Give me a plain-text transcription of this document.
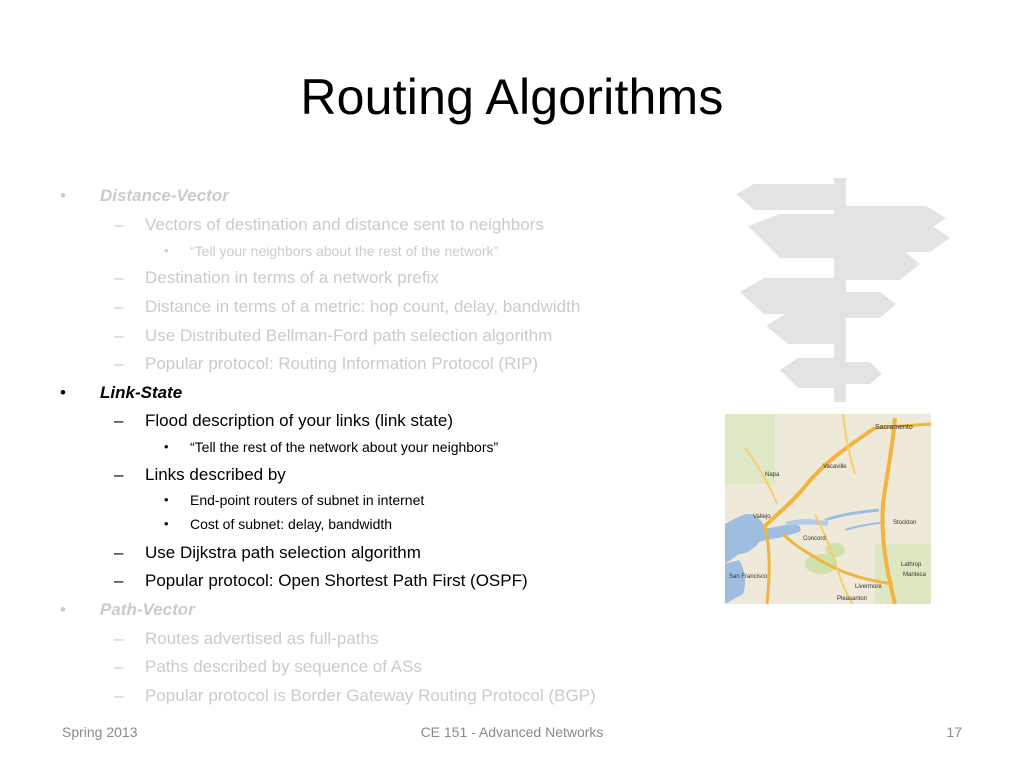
Routing Algorithms
• Distance-Vector
– Vectors of destination and distance sent to neighbors
• “Tell your neighbors about the rest of the network”
– Destination in terms of a network prefix
– Distance in terms of a metric: hop count, delay, bandwidth
– Use Distributed Bellman-Ford path selection algorithm
– Popular protocol: Routing Information Protocol (RIP)
• Link-State
– Flood description of your links (link state)
• “Tell the rest of the network about your neighbors”
– Links described by
• End-point routers of subnet in internet
• Cost of subnet: delay, bandwidth
– Use Dijkstra path selection algorithm
– Popular protocol: Open Shortest Path First (OSPF)
• Path-Vector
– Routes advertised as full-paths
– Paths described by sequence of ASs
– Popular protocol is Border Gateway Routing Protocol (BGP)
Sacramento
Vacaville
Napa
Vallejo
Concord
San Francisco
Stockton
Livermore
Pleasanton
Lathrop
Manteca
Spring 2013	CE 151 - Advanced Networks	17
